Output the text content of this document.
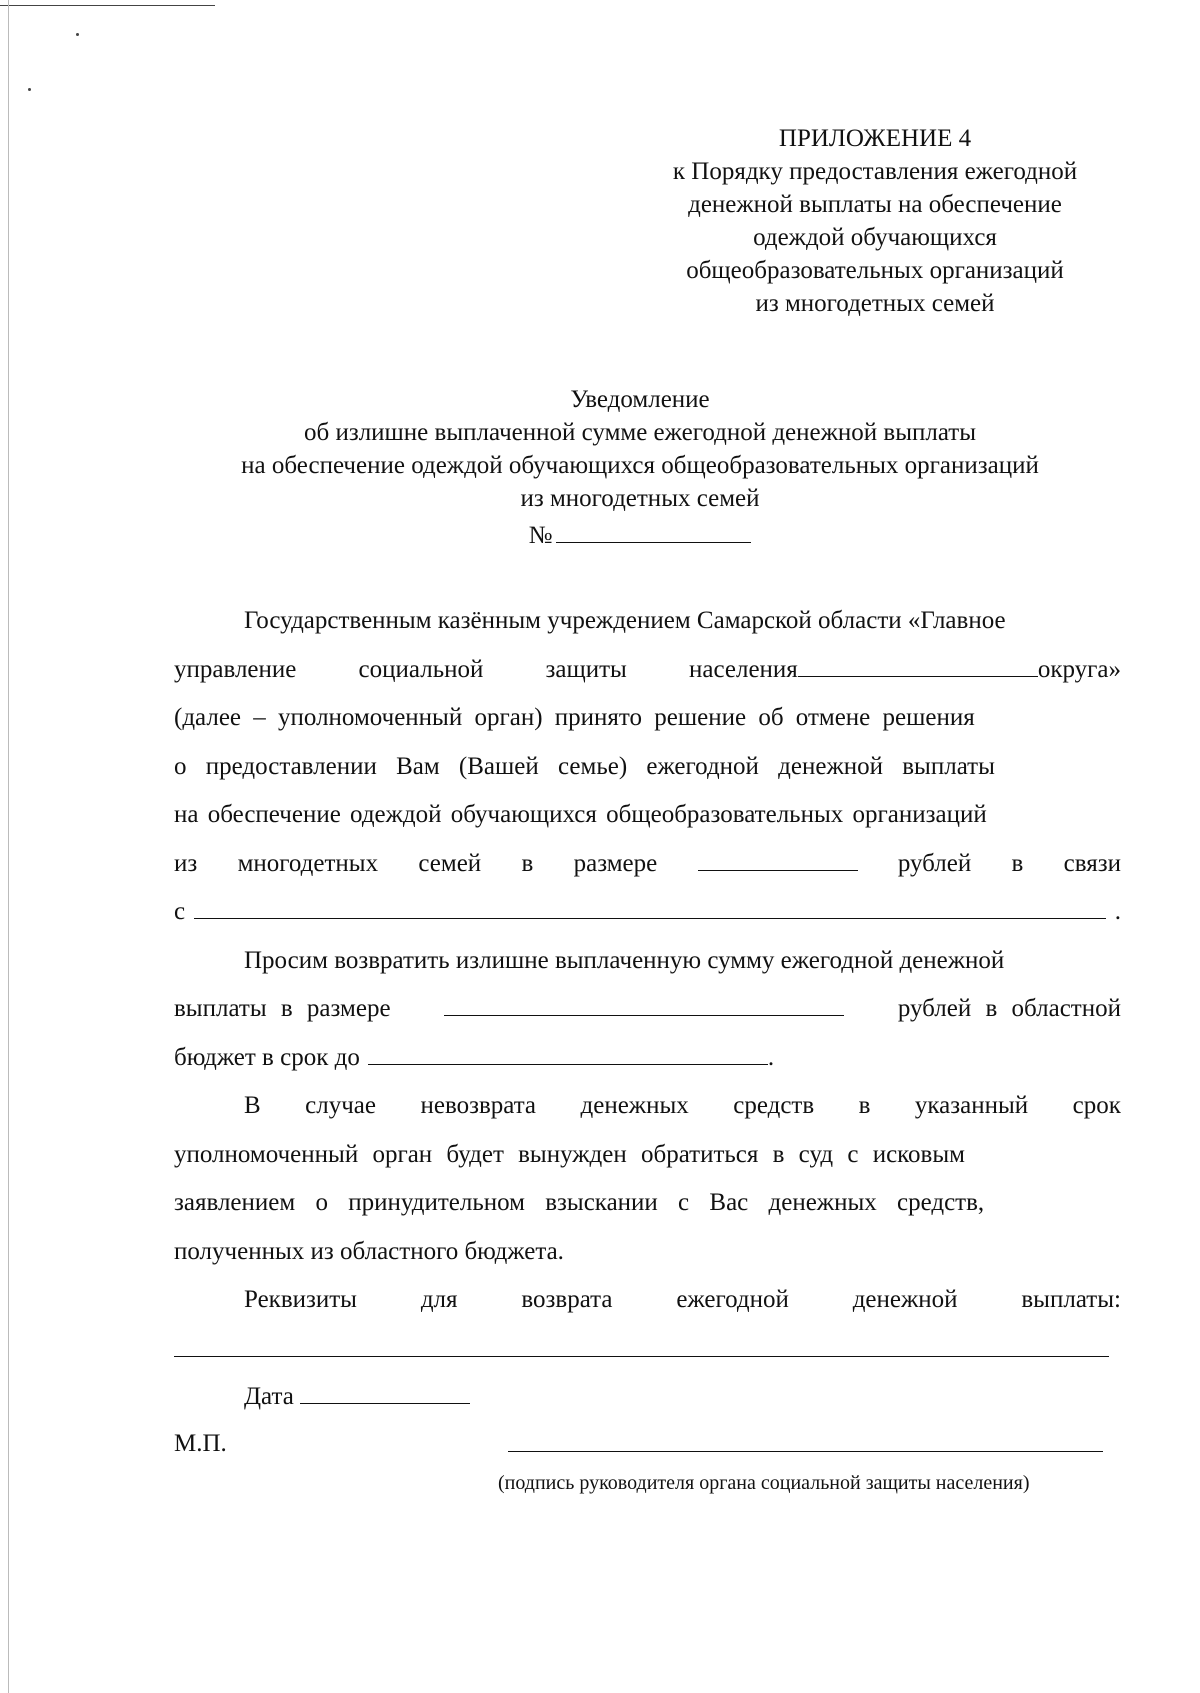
ПРИЛОЖЕНИЕ 4
к Порядку предоставления ежегодной
денежной выплаты на обеспечение
одеждой обучающихся
общеобразовательных организаций
из многодетных семей
Уведомление
об излишне выплаченной сумме ежегодной денежной выплаты
на обеспечение одеждой обучающихся общеобразовательных организаций
из многодетных семей
№
Государственным казённым учреждением Самарской области «Главное
управление социальной защиты населения	округа»
(далее – уполномоченный орган) принято решение об отмене решения
о предоставлении Вам (Вашей семье) ежегодной денежной выплаты
на обеспечение одеждой обучающихся общеобразовательных организаций
из многодетных семей в размере	рублей в связи
с	.
Просим возвратить излишне выплаченную сумму ежегодной денежной
выплаты в размере	рублей в областной
бюджет в срок до	.
В случае невозврата денежных средств в указанный срок
уполномоченный орган будет вынужден обратиться в суд с исковым
заявлением о принудительном взыскании с Вас денежных средств,
полученных из областного бюджета.
Реквизиты	для	возврата	ежегодной	денежной	выплаты:
Дата
М.П.
(подпись руководителя органа социальной защиты населения)
